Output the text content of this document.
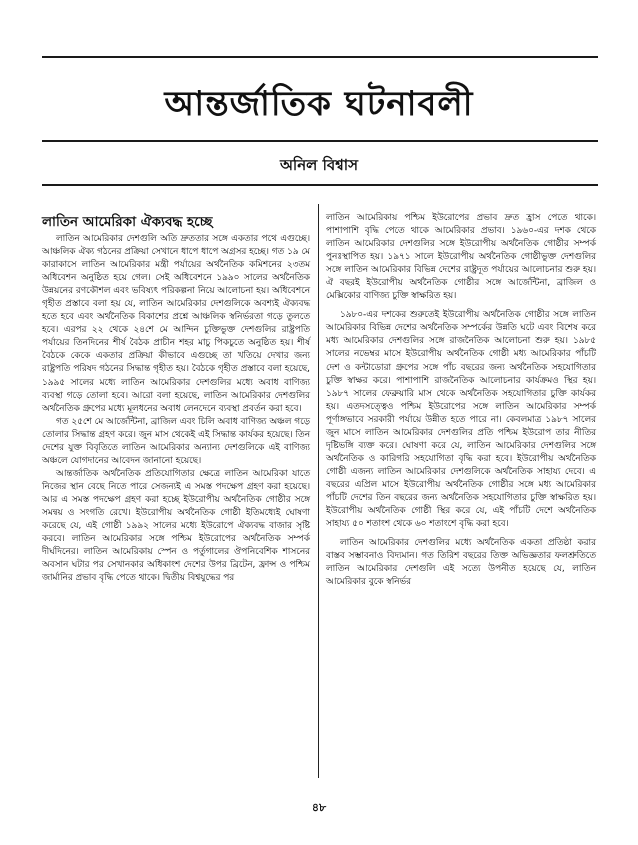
আন্তর্জাতিক ঘটনাবলী
অনিল বিশ্বাস

লাতিন আমেরিকা ঐক্যবদ্ধ হচ্ছে

লাতিন আমেরিকার দেশগুলি অতি দ্রুততার সঙ্গে একতার পথে এগুচ্ছে। আঞ্চলিক ঐক্য গঠনের প্রক্রিয়া সেখানে ধাপে ধাপে অগ্রসর হচ্ছে। গত ১৯ মে কারাকাসে লাতিন আমেরিকার মন্ত্রী পর্যায়ের অর্থনৈতিক কমিশনের ২৩তম অধিবেশন অনুষ্ঠিত হয়ে গেল। সেই অধিবেশনে ১৯৯০ সালের অর্থনৈতিক উন্নয়নের রণকৌশল এবং ভবিষ্যৎ পরিকল্পনা নিয়ে আলোচনা হয়। অধিবেশনে গৃহীত প্রস্তাবে বলা হয় যে, লাতিন আমেরিকার দেশগুলিকে অবশ্যই ঐক্যবদ্ধ হতে হবে এবং অর্থনৈতিক বিকাশের প্রশ্নে আঞ্চলিক স্বনির্ভরতা গড়ে তুলতে হবে। এরপর ২২ থেকে ২৪শে মে আন্দিন চুক্তিভুক্ত দেশগুলির রাষ্ট্রপতি পর্যায়ের তিনদিনের শীর্ষ বৈঠক প্রাচীন শহর মাচু পিকচুতে অনুষ্ঠিত হয়। শীর্ষ বৈঠকে কেকে একতার প্রক্রিয়া কীভাবে এগুচ্ছে তা খতিয়ে দেখার জন্য রাষ্ট্রপতি পরিষদ গঠনের সিদ্ধান্ত গৃহীত হয়। বৈঠকে গৃহীত প্রস্তাবে বলা হয়েছে, ১৯৯৫ সালের মধ্যে লাতিন আমেরিকার দেশগুলির মধ্যে অবাধ বাণিজ্য ব্যবস্থা গড়ে তোলা হবে। আরো বলা হয়েছে, লাতিন আমেরিকার দেশগুলির অর্থনৈতিক গ্রুপের মধ্যে মূলধনের অবাধ লেনদেনে ব্যবস্থা প্রবর্তন করা হবে।

গত ২৫শে মে আর্জেন্টিনা, ব্রাজিল এবং চিলি অবাধ বাণিজ্য অঞ্চল গড়ে তোলার সিদ্ধান্ত গ্রহণ করে। জুন মাস থেকেই এই সিদ্ধান্ত কার্যকর হয়েছে। তিন দেশের যুক্ত বিবৃতিতে লাতিন আমেরিকার অন্যান্য দেশগুলিকে এই বাণিজ্য অঞ্চলে যোগদানের আবেদন জানানো হয়েছে।

আন্তর্জাতিক অর্থনৈতিক প্রতিযোগিতার ক্ষেত্রে লাতিন আমেরিকা যাতে নিজের স্থান বেছে নিতে পারে সেজন্যই এ সমস্ত পদক্ষেপ গ্রহণ করা হয়েছে। আর এ সমস্ত পদক্ষেপ গ্রহণ করা হচ্ছে ইউরোপীয় অর্থনৈতিক গোষ্ঠীর সঙ্গে সমন্বয় ও সংগতি রেখে। ইউরোপীয় অর্থনৈতিক গোষ্ঠী ইতিমধ্যেই ঘোষণা করেছে যে, এই গোষ্ঠী ১৯৯২ সালের মধ্যে ইউরোপে ঐক্যবদ্ধ বাজার সৃষ্টি করবে। লাতিন আমেরিকার সঙ্গে পশ্চিম ইউরোপের অর্থনৈতিক সম্পর্ক দীর্ঘদিনের। লাতিন আমেরিকায় স্পেন ও পর্তুগালের ঔপনিবেশিক শাসনের অবসান ঘটার পর সেখানকার অধিকাংশ দেশের উপর ব্রিটেন, ফ্রান্স ও পশ্চিম জার্মানির প্রভাব বৃদ্ধি পেতে থাকে। দ্বিতীয় বিশ্বযুদ্ধের পর

লাতিন আমেরিকায় পশ্চিম ইউরোপের প্রভাব দ্রুত হ্রাস পেতে থাকে। পাশাপাশি বৃদ্ধি পেতে থাকে আমেরিকার প্রভাব। ১৯৬০-এর দশক থেকে লাতিন আমেরিকার দেশগুলির সঙ্গে ইউরোপীয় অর্থনৈতিক গোষ্ঠীর সম্পর্ক পুনঃস্থাপিত হয়। ১৯৭১ সালে ইউরোপীয় অর্থনৈতিক গোষ্ঠীভুক্ত দেশগুলির সঙ্গে লাতিন আমেরিকার বিভিন্ন দেশের রাষ্ট্রদূত পর্যায়ের আলোচনার শুরু হয়। ঐ বছরই ইউরোপীয় অর্থনৈতিক গোষ্ঠীর সঙ্গে আর্জেন্টিনা, ব্রাজিল ও মেক্সিকোর বাণিজ্য চুক্তি স্বাক্ষরিত হয়।

১৯৮০-এর দশকের শুরুতেই ইউরোপীয় অর্থনৈতিক গোষ্ঠীর সঙ্গে লাতিন আমেরিকার বিভিন্ন দেশের অর্থনৈতিক সম্পর্কের উন্নতি ঘটে এবং বিশেষ করে মধ্য আমেরিকার দেশগুলির সঙ্গে রাজনৈতিক আলোচনা শুরু হয়। ১৯৮৫ সালের নভেম্বর মাসে ইউরোপীয় অর্থনৈতিক গোষ্ঠী মধ্য আমেরিকার পাঁচটি দেশ ও কন্টাডোরা গ্রুপের সঙ্গে পাঁচ বছরের জন্য অর্থনৈতিক সহযোগিতার চুক্তি স্বাক্ষর করে। পাশাপাশি রাজনৈতিক আলোচনার কার্যক্রমও স্থির হয়। ১৯৮৭ সালের ফেব্রুয়ারি মাস থেকে অর্থনৈতিক সহযোগিতার চুক্তি কার্যকর হয়। এতদসত্ত্বেও পশ্চিম ইউরোপের সঙ্গে লাতিন আমেরিকার সম্পর্ক পূর্ণাঙ্গভাবে সরকারী পর্যায়ে উন্নীত হতে পারে না। কেবলমাত্র ১৯৮৭ সালের জুন মাসে লাতিন আমেরিকার দেশগুলির প্রতি পশ্চিম ইউরোপ তার নীতির দৃষ্টিভঙ্গি ব্যক্ত করে। ঘোষণা করে যে, লাতিন আমেরিকার দেশগুলির সঙ্গে অর্থনৈতিক ও কারিগরি সহযোগিতা বৃদ্ধি করা হবে। ইউরোপীয় অর্থনৈতিক গোষ্ঠী এজন্য লাতিন আমেরিকার দেশগুলিকে অর্থনৈতিক সাহায্য দেবে। এ বছরের এপ্রিল মাসে ইউরোপীয় অর্থনৈতিক গোষ্ঠীর সঙ্গে মধ্য আমেরিকার পাঁচটি দেশের তিন বছরের জন্য অর্থনৈতিক সহযোগিতার চুক্তি স্বাক্ষরিত হয়। ইউরোপীয় অর্থনৈতিক গোষ্ঠী স্থির করে যে, এই পাঁচটি দেশে অর্থনৈতিক সাহায্য ৫০ শতাংশ থেকে ৬০ শতাংশে বৃদ্ধি করা হবে।

লাতিন আমেরিকার দেশগুলির মধ্যে অর্থনৈতিক একতা প্রতিষ্ঠা করার বাস্তব সম্ভাবনাও বিদ্যমান। গত তিরিশ বছরের তিক্ত অভিজ্ঞতার ফলশ্রুতিতে লাতিন আমেরিকার দেশগুলি এই সত্যে উপনীত হয়েছে যে, লাতিন আমেরিকার বুকে স্বনির্ভর

৪৮
